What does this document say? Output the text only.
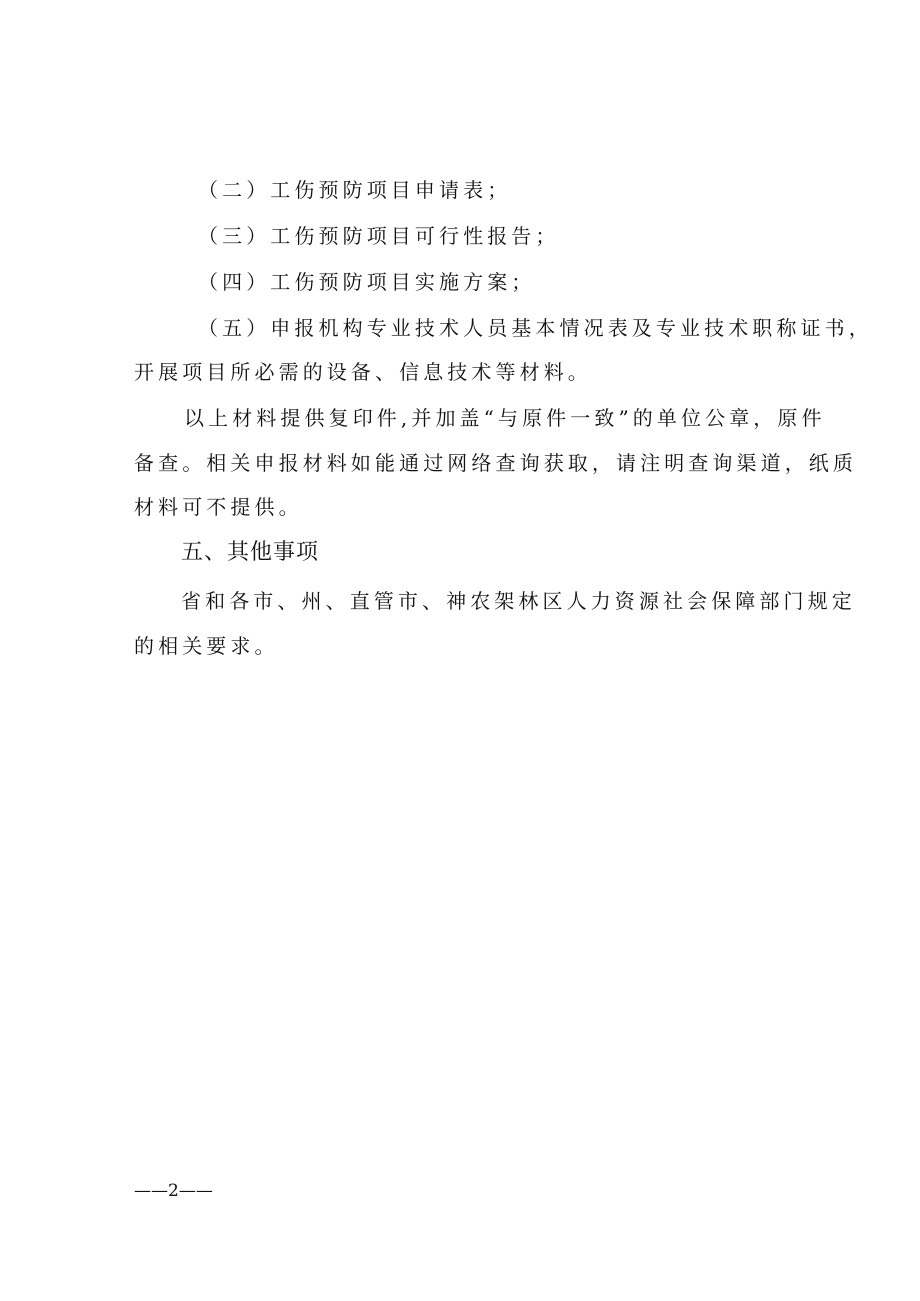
（二）工伤预防项目申请表；
（三）工伤预防项目可行性报告；
（四）工伤预防项目实施方案；
（五）申报机构专业技术人员基本情况表及专业技术职称证书，
开展项目所必需的设备、信息技术等材料。
以上材料提供复印件,并加盖“与原件一致”的单位公章，原件
备查。相关申报材料如能通过网络查询获取，请注明查询渠道，纸质
材料可不提供。
五、其他事项
省和各市、州、直管市、神农架林区人力资源社会保障部门规定
的相关要求。
——2——
